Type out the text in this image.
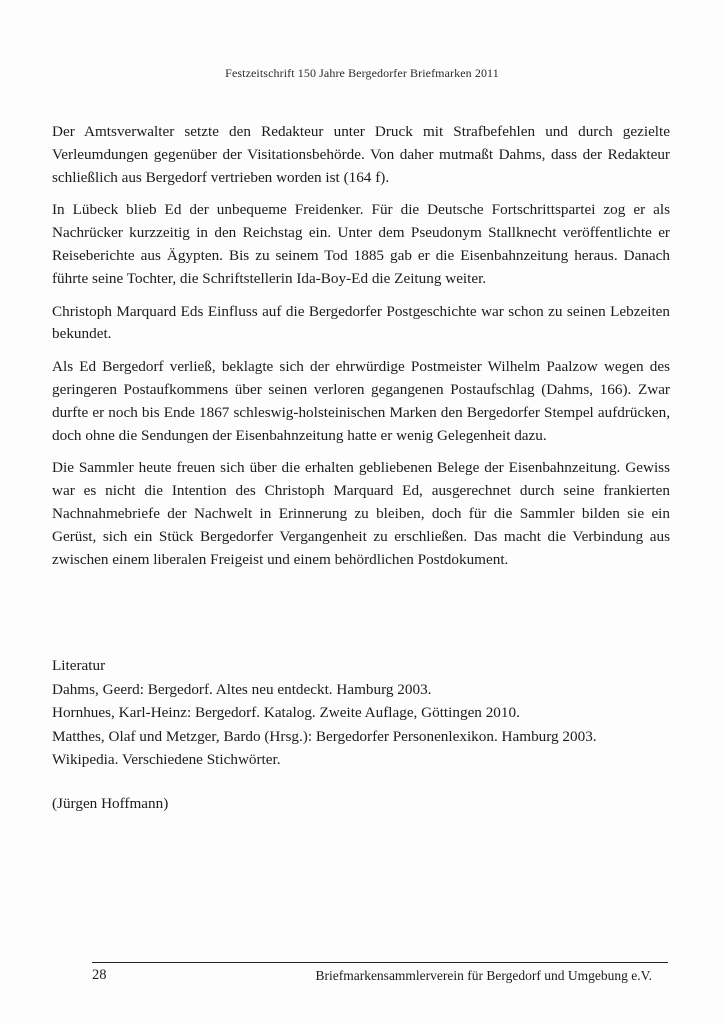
Festzeitschrift 150 Jahre Bergedorfer Briefmarken 2011

Der Amtsverwalter setzte den Redakteur unter Druck mit Strafbefehlen und durch gezielte Verleumdungen gegenüber der Visitationsbehörde. Von daher mutmaßt Dahms, dass der Redakteur schließlich aus Bergedorf vertrieben worden ist (164 f).

In Lübeck blieb Ed der unbequeme Freidenker. Für die Deutsche Fortschrittspartei zog er als Nachrücker kurzzeitig in den Reichstag ein. Unter dem Pseudonym Stallknecht veröffentlichte er Reiseberichte aus Ägypten. Bis zu seinem Tod 1885 gab er die Eisenbahnzeitung heraus. Danach führte seine Tochter, die Schriftstellerin Ida-Boy-Ed die Zeitung weiter.

Christoph Marquard Eds Einfluss auf die Bergedorfer Postgeschichte war schon zu seinen Lebzeiten bekundet.

Als Ed Bergedorf verließ, beklagte sich der ehrwürdige Postmeister Wilhelm Paalzow wegen des geringeren Postaufkommens über seinen verloren gegangenen Postaufschlag (Dahms, 166). Zwar durfte er noch bis Ende 1867 schleswig-holsteinischen Marken den Bergedorfer Stempel aufdrücken, doch ohne die Sendungen der Eisenbahnzeitung hatte er wenig Gelegenheit dazu.

Die Sammler heute freuen sich über die erhalten gebliebenen Belege der Eisenbahnzeitung. Gewiss war es nicht die Intention des Christoph Marquard Ed, ausgerechnet durch seine frankierten Nachnahmebriefe der Nachwelt in Erinnerung zu bleiben, doch für die Sammler bilden sie ein Gerüst, sich ein Stück Bergedorfer Vergangenheit zu erschließen. Das macht die Verbindung aus zwischen einem liberalen Freigeist und einem behördlichen Postdokument.

Literatur
Dahms, Geerd: Bergedorf. Altes neu entdeckt. Hamburg 2003.
Hornhues, Karl-Heinz: Bergedorf. Katalog. Zweite Auflage, Göttingen 2010.
Matthes, Olaf und Metzger, Bardo (Hrsg.): Bergedorfer Personenlexikon. Hamburg 2003.
Wikipedia. Verschiedene Stichwörter.
(Jürgen Hoffmann)
28	Briefmarkensammlerverein für Bergedorf und Umgebung e.V.
